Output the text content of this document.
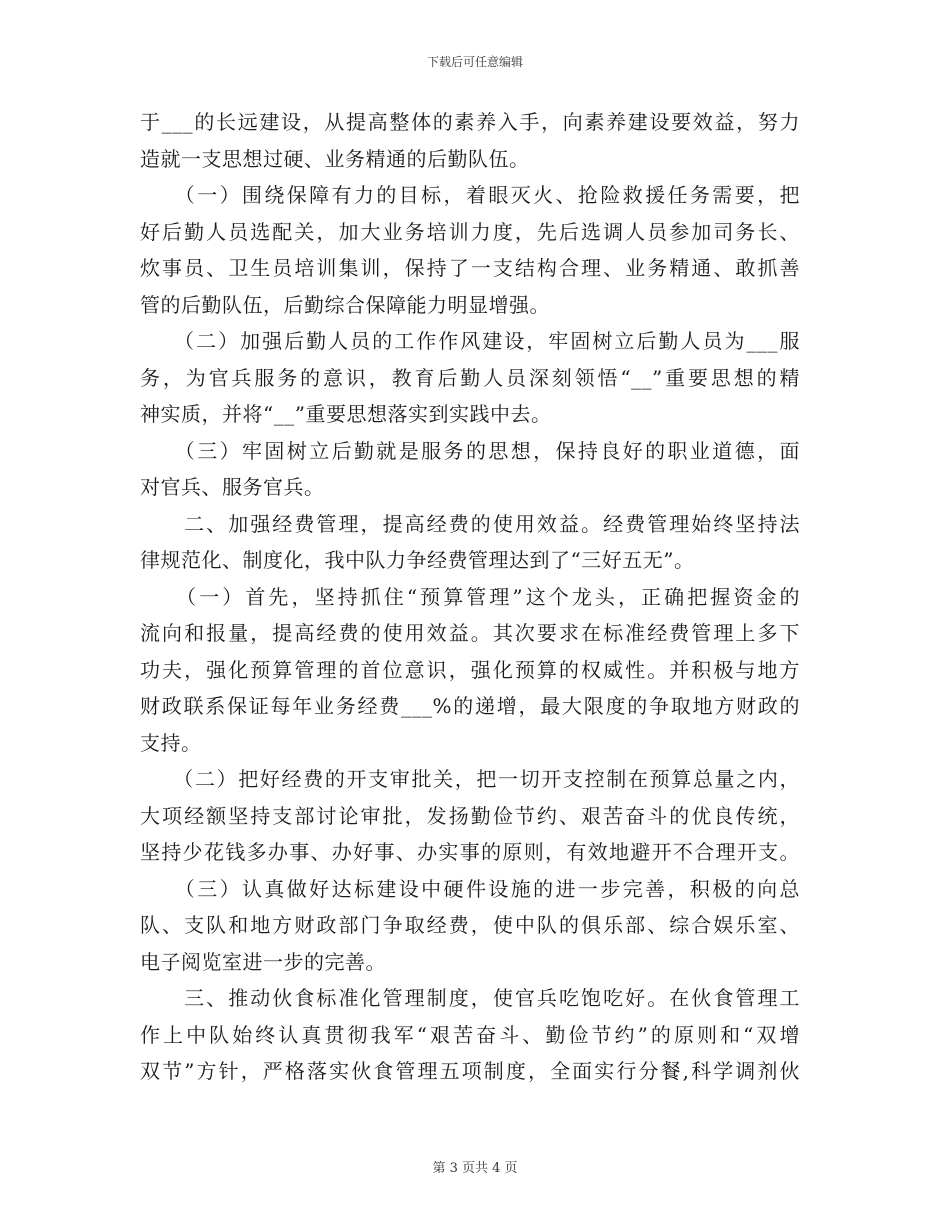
下载后可任意编辑
于___的长远建设，从提高整体的素养入手，向素养建设要效益，努力
造就一支思想过硬、业务精通的后勤队伍。
　　（一）围绕保障有力的目标，着眼灭火、抢险救援任务需要，把
好后勤人员选配关，加大业务培训力度，先后选调人员参加司务长、
炊事员、卫生员培训集训，保持了一支结构合理、业务精通、敢抓善
管的后勤队伍，后勤综合保障能力明显增强。
　　（二）加强后勤人员的工作作风建设，牢固树立后勤人员为___服
务，为官兵服务的意识，教育后勤人员深刻领悟“__”重要思想的精
神实质，并将“__”重要思想落实到实践中去。
　　（三）牢固树立后勤就是服务的思想，保持良好的职业道德，面
对官兵、服务官兵。
　　二、加强经费管理，提高经费的使用效益。经费管理始终坚持法
律规范化、制度化，我中队力争经费管理达到了“三好五无”。
　　（一）首先，坚持抓住“预算管理”这个龙头，正确把握资金的
流向和报量，提高经费的使用效益。其次要求在标准经费管理上多下
功夫，强化预算管理的首位意识，强化预算的权威性。并积极与地方
财政联系保证每年业务经费___%的递增，最大限度的争取地方财政的
支持。
　　（二）把好经费的开支审批关，把一切开支控制在预算总量之内，
大项经额坚持支部讨论审批，发扬勤俭节约、艰苦奋斗的优良传统，
坚持少花钱多办事、办好事、办实事的原则，有效地避开不合理开支。
　　（三）认真做好达标建设中硬件设施的进一步完善，积极的向总
队、支队和地方财政部门争取经费，使中队的俱乐部、综合娱乐室、
电子阅览室进一步的完善。
　　三、推动伙食标准化管理制度，使官兵吃饱吃好。在伙食管理工
作上中队始终认真贯彻我军“艰苦奋斗、勤俭节约”的原则和“双增
双节”方针，严格落实伙食管理五项制度，全面实行分餐,科学调剂伙
第 3 页共 4 页
